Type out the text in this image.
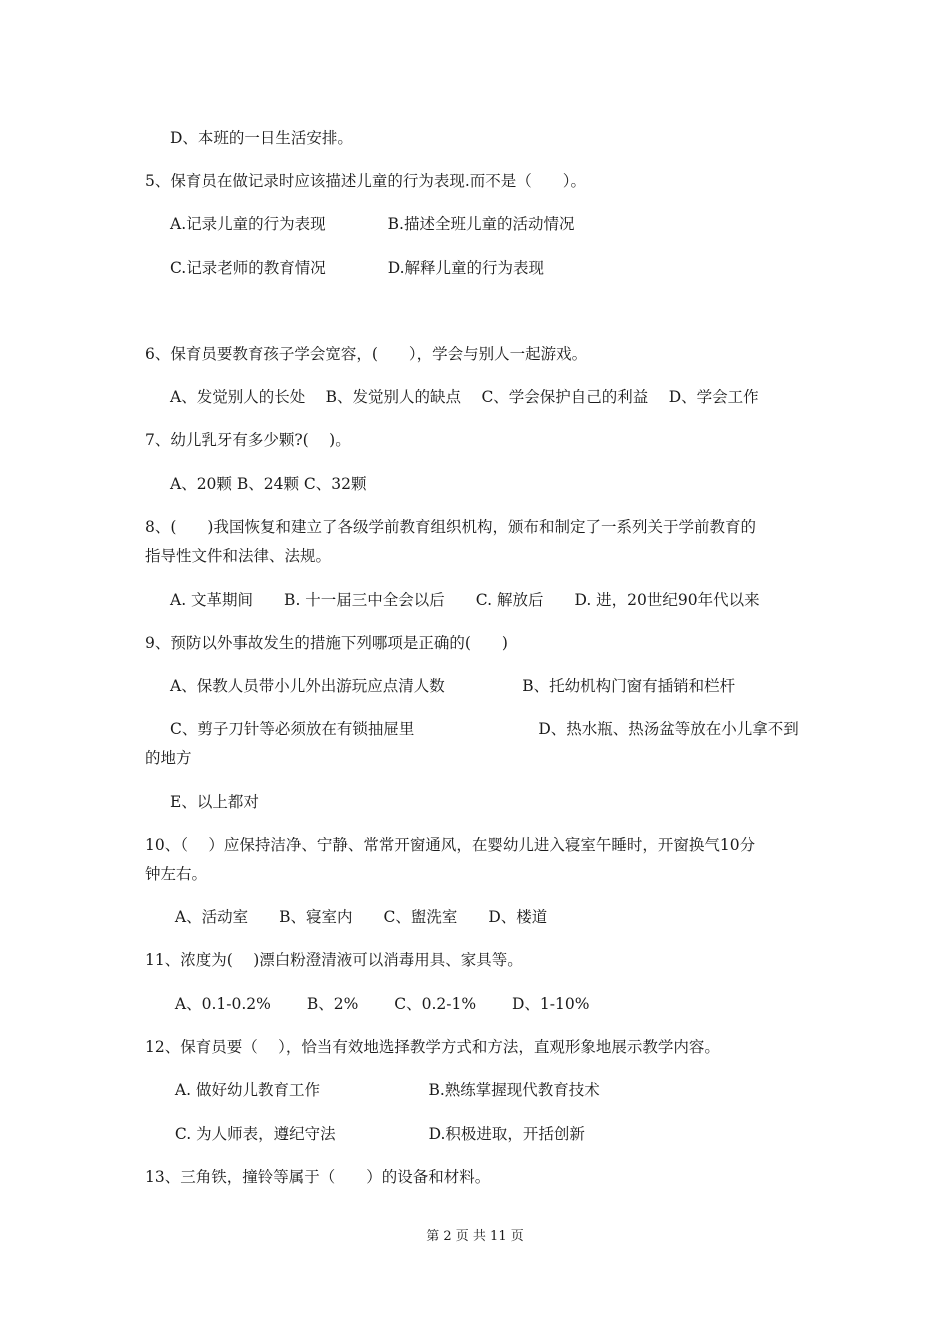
D、本班的一日生活安排。
5、保育员在做记录时应该描述儿童的行为表现.而不是（　　）。
A.记录儿童的行为表现　　　　B.描述全班儿童的活动情况
C.记录老师的教育情况　　　　D.解释儿童的行为表现
6、保育员要教育孩子学会宽容，(　　），学会与别人一起游戏。
A、发觉别人的长处　 B、发觉别人的缺点　 C、学会保护自己的利益　 D、学会工作
7、幼儿乳牙有多少颗?(　 )。
A、20颗 B、24颗 C、32颗
8、(　　)我国恢复和建立了各级学前教育组织机构，颁布和制定了一系列关于学前教育的
指导性文件和法律、法规。
A. 文革期间　　B. 十一届三中全会以后　　C. 解放后　　D. 进，20世纪90年代以来
9、预防以外事故发生的措施下列哪项是正确的(　　)
A、保教人员带小儿外出游玩应点清人数　　　　　B、托幼机构门窗有插销和栏杆
C、剪子刀针等必须放在有锁抽屉里　　　　　　　　D、热水瓶、热汤盆等放在小儿拿不到
的地方
E、以上都对
10、（　 ）应保持洁净、宁静、常常开窗通风，在婴幼儿进入寝室午睡时，开窗换气10分
钟左右。
A、活动室　　B、寝室内　　C、盥洗室　　D、楼道
11、浓度为(　 )漂白粉澄清液可以消毒用具、家具等。
A、0.1-0.2%　　 B、2%　　 C、0.2-1%　　 D、1-10%
12、保育员要（　 ），恰当有效地选择教学方式和方法，直观形象地展示教学内容。
A. 做好幼儿教育工作　　　　　　　B.熟练掌握现代教育技术
C. 为人师表，遵纪守法　　　　　　D.积极进取，开括创新
13、三角铁，撞铃等属于（　　）的设备和材料。
第 2 页 共 11 页
